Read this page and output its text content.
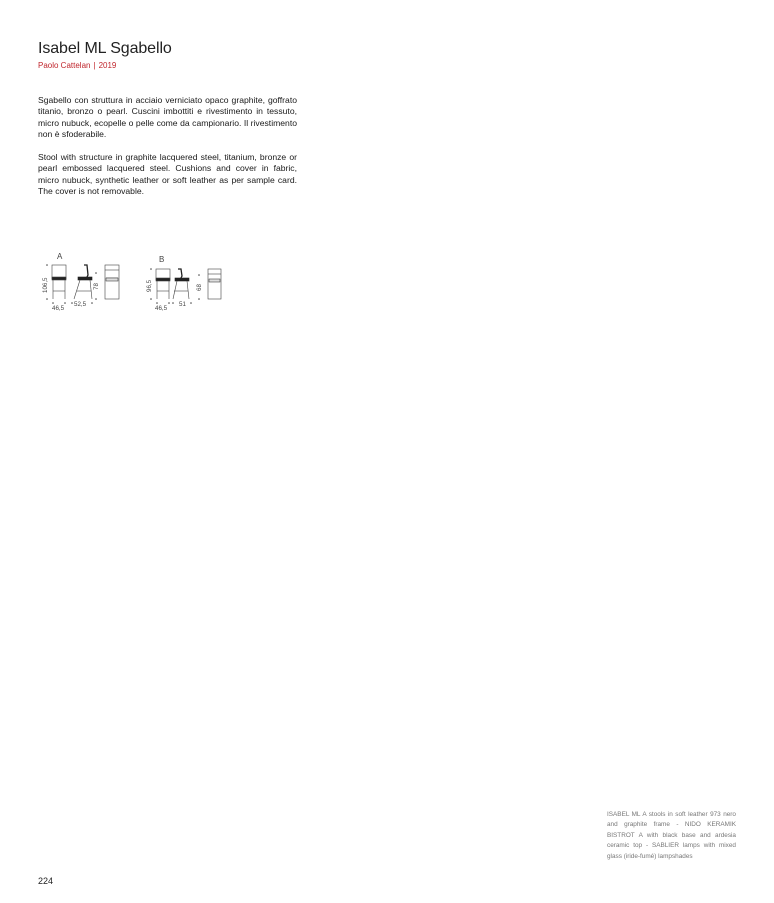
Isabel ML Sgabello
Paolo Cattelan | 2019
Sgabello con struttura in acciaio verniciato opaco graphite, goffrato titanio, bronzo o pearl. Cuscini imbottiti e rivestimento in tessuto, micro nubuck, ecopelle o pelle come da campionario. Il rivestimento non è sfoderabile.
Stool with structure in graphite lacquered steel, titanium, bronze or pearl embossed lacquered steel. Cushions and cover in fabric, micro nubuck, synthetic leather or soft leather as per sample card. The cover is not removable.
A
106,5	78
46,5
52,5
B
96,5	68
46,5
51
ISABEL ML A stools in soft leather 973 nero and graphite frame - NIDO KERAMIK BISTROT A with black base and ardesia ceramic top - SABLIER lamps with mixed glass (iride-fumé) lampshades
224
